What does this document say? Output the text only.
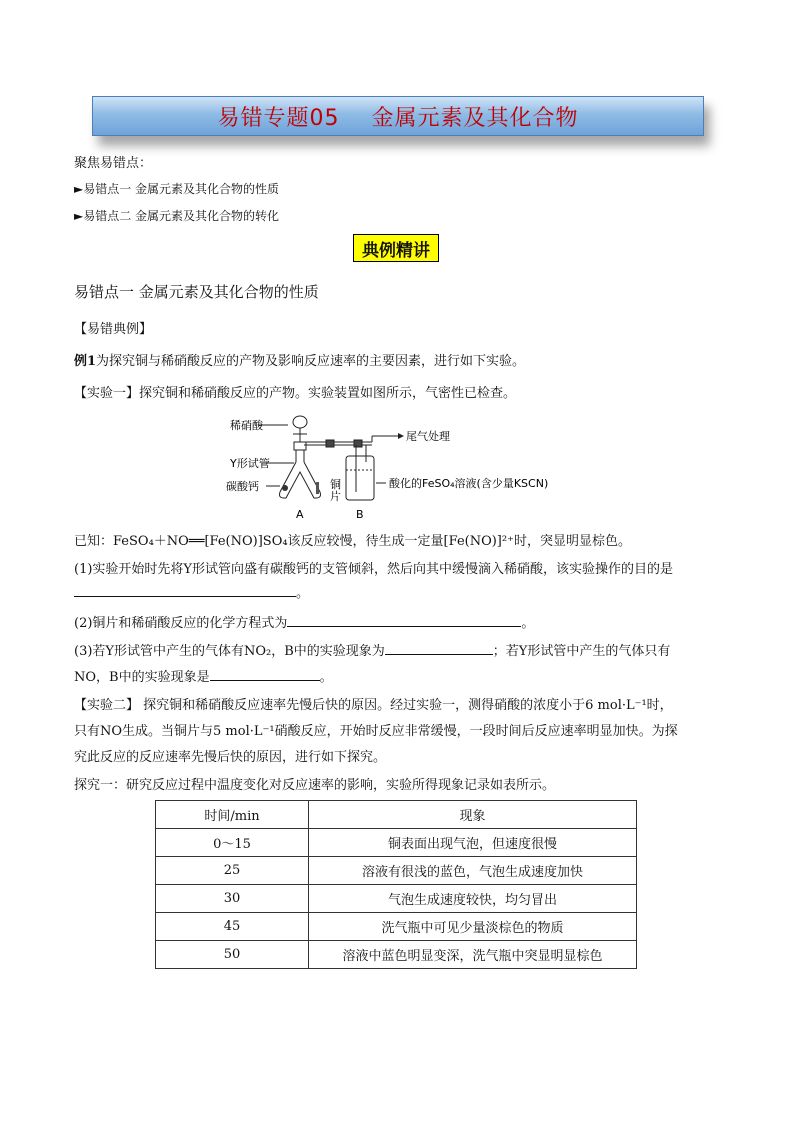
易错专题05    金属元素及其化合物
聚焦易错点：
►易错点一 金属元素及其化合物的性质
►易错点二 金属元素及其化合物的转化
典例精讲
易错点一 金属元素及其化合物的性质
【易错典例】
例1为探究铜与稀硝酸反应的产物及影响反应速率的主要因素，进行如下实验。
【实验一】探究铜和稀硝酸反应的产物。实验装置如图所示，气密性已检查。
稀硝酸
Y形试管
碳酸钙	铜
片
尾气处理
酸化的FeSO₄溶液(含少量KSCN)
A	B
已知：FeSO₄＋NO══[Fe(NO)]SO₄该反应较慢，待生成一定量[Fe(NO)]²⁺时，突显明显棕色。
(1)实验开始时先将Y形试管向盛有碳酸钙的支管倾斜，然后向其中缓慢滴入稀硝酸，该实验操作的目的是
。
(2)铜片和稀硝酸反应的化学方程式为	。
(3)若Y形试管中产生的气体有NO₂，B中的实验现象为	；若Y形试管中产生的气体只有
NO，B中的实验现象是	。
【实验二】 探究铜和稀硝酸反应速率先慢后快的原因。经过实验一，测得硝酸的浓度小于6 mol·L⁻¹时，
只有NO生成。当铜片与5 mol·L⁻¹硝酸反应，开始时反应非常缓慢，一段时间后反应速率明显加快。为探
究此反应的反应速率先慢后快的原因，进行如下探究。
探究一：研究反应过程中温度变化对反应速率的影响，实验所得现象记录如表所示。
时间/min	现象
0～15	铜表面出现气泡，但速度很慢
25	溶液有很浅的蓝色，气泡生成速度加快
30	气泡生成速度较快，均匀冒出
45	洗气瓶中可见少量淡棕色的物质
50	溶液中蓝色明显变深，洗气瓶中突显明显棕色
